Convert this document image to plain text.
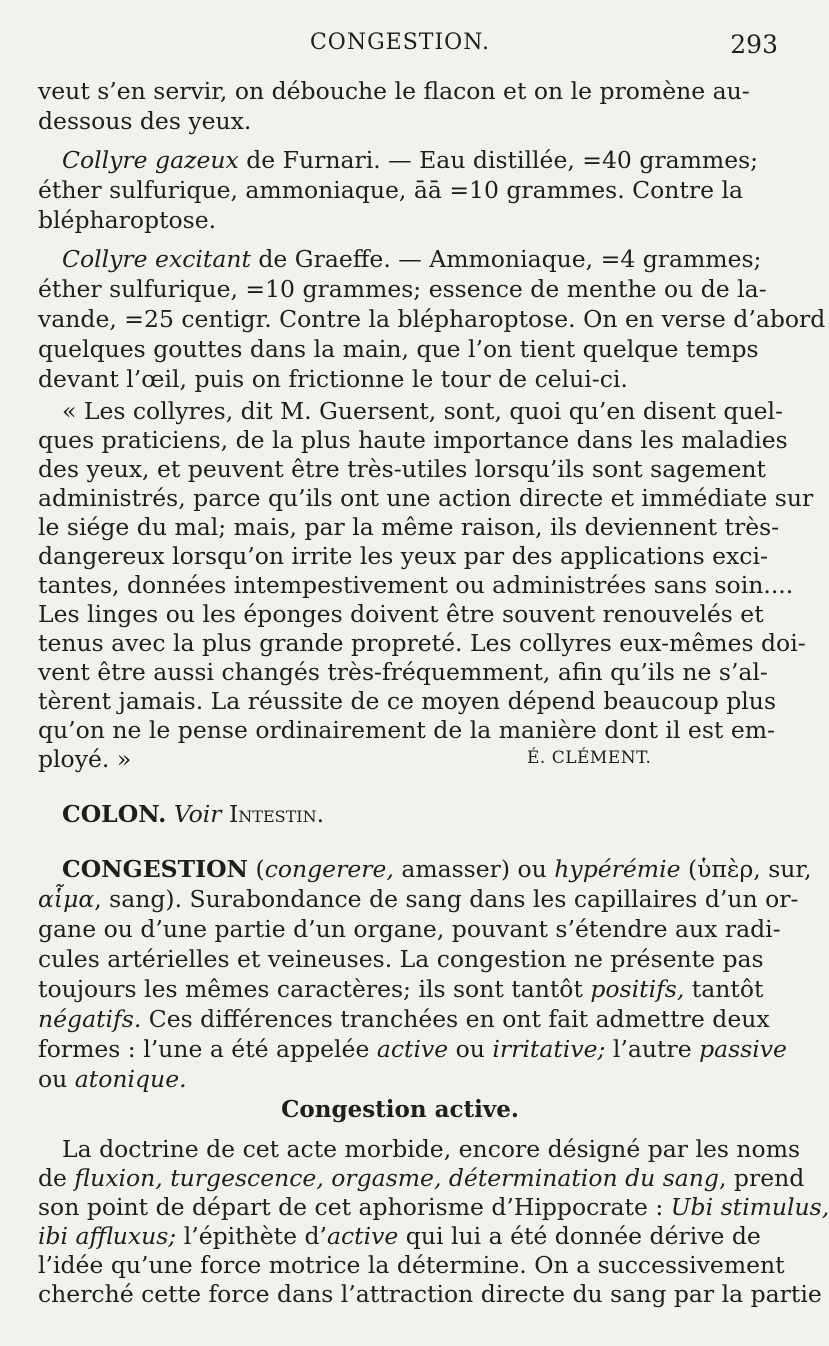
CONGESTION.	293
veut s’en servir, on débouche le flacon et on le promène au-
dessous des yeux.
Collyre gazeux de Furnari. — Eau distillée, =40 grammes;
éther sulfurique, ammoniaque, āā =10 grammes. Contre la
blépharoptose.
Collyre excitant de Graeffe. — Ammoniaque, =4 grammes;
éther sulfurique, =10 grammes; essence de menthe ou de la-
vande, =25 centigr. Contre la blépharoptose. On en verse d’abord
quelques gouttes dans la main, que l’on tient quelque temps
devant l’œil, puis on frictionne le tour de celui-ci.
« Les collyres, dit M. Guersent, sont, quoi qu’en disent quel-
ques praticiens, de la plus haute importance dans les maladies
des yeux, et peuvent être très-utiles lorsqu’ils sont sagement
administrés, parce qu’ils ont une action directe et immédiate sur
le siége du mal; mais, par la même raison, ils deviennent très-
dangereux lorsqu’on irrite les yeux par des applications exci-
tantes, données intempestivement ou administrées sans soin....
Les linges ou les éponges doivent être souvent renouvelés et
tenus avec la plus grande propreté. Les collyres eux-mêmes doi-
vent être aussi changés très-fréquemment, afin qu’ils ne s’al-
tèrent jamais. La réussite de ce moyen dépend beaucoup plus
qu’on ne le pense ordinairement de la manière dont il est em-
ployé. »	É. CLÉMENT.
COLON. Voir Intestin.
CONGESTION (congerere, amasser) ou hypérémie (ὑπὲρ, sur,
αἷμα, sang). Surabondance de sang dans les capillaires d’un or-
gane ou d’une partie d’un organe, pouvant s’étendre aux radi-
cules artérielles et veineuses. La congestion ne présente pas
toujours les mêmes caractères; ils sont tantôt positifs, tantôt
négatifs. Ces différences tranchées en ont fait admettre deux
formes : l’une a été appelée active ou irritative; l’autre passive
ou atonique.
Congestion active.
La doctrine de cet acte morbide, encore désigné par les noms
de fluxion, turgescence, orgasme, détermination du sang, prend
son point de départ de cet aphorisme d’Hippocrate : Ubi stimulus,
ibi affluxus; l’épithète d’active qui lui a été donnée dérive de
l’idée qu’une force motrice la détermine. On a successivement
cherché cette force dans l’attraction directe du sang par la partie
